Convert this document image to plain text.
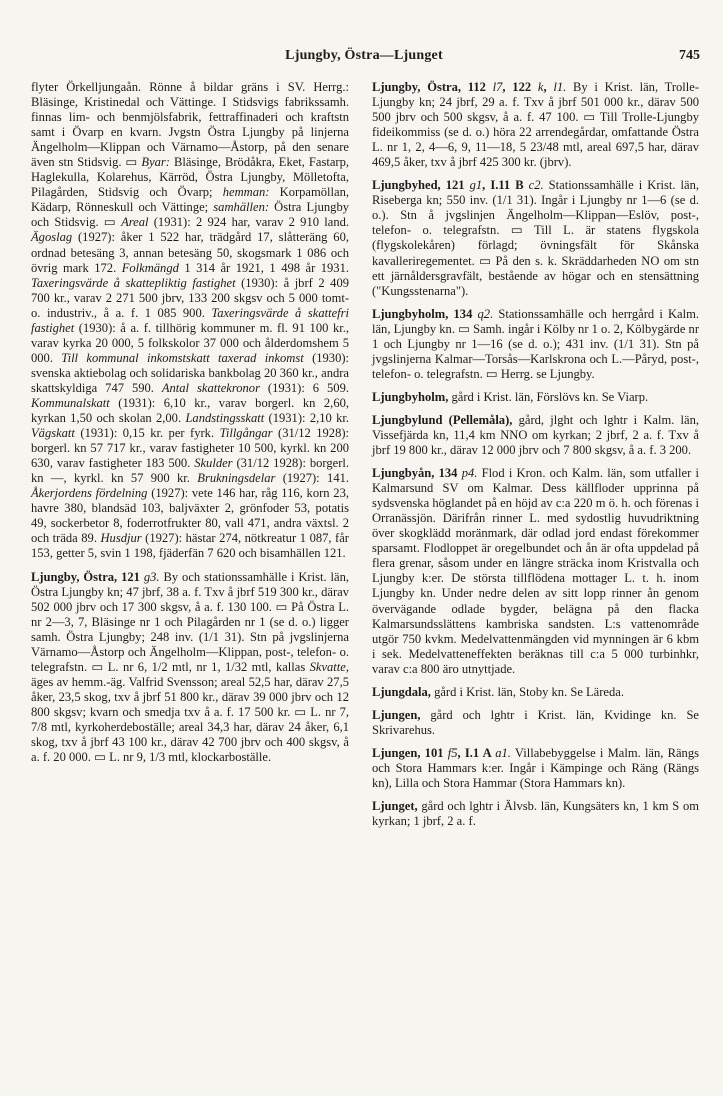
Ljungby, Östra—Ljunget	745

flyter Örkelljungaån. Rönne å bildar gräns i SV. Herrg.: Bläsinge, Kristinedal och Vättinge. I Stidsvigs fabrikssamh. finnas lim- och benmjölsfabrik, fettraffinaderi och kraftstn samt i Övarp en kvarn. Jvgstn Östra Ljungby på linjerna Ängelholm—Klippan och Värnamo—Åstorp, på den senare även stn Stidsvig. ▭ Byar: Bläsinge, Brödåkra, Eket, Fastarp, Haglekulla, Kolarehus, Kärröd, Östra Ljungby, Mölletofta, Pilagården, Stidsvig och Övarp; hemman: Korpamöllan, Kädarp, Rönneskull och Vättinge; samhällen: Östra Ljungby och Stidsvig. ▭ Areal (1931): 2 924 har, varav 2 910 land. Ägoslag (1927): åker 1 522 har, trädgård 17, slåtteräng 60, ordnad betesäng 3, annan betesäng 50, skogsmark 1 086 och övrig mark 172. Folkmängd 1 314 år 1921, 1 498 år 1931. Taxeringsvärde å skattepliktig fastighet (1930): å jbrf 2 409 700 kr., varav 2 271 500 jbrv, 133 200 skgsv och 5 000 tomt- o. industriv., å a. f. 1 085 900. Taxeringsvärde å skattefri fastighet (1930): å a. f. tillhörig kommuner m. fl. 91 100 kr., varav kyrka 20 000, 5 folkskolor 37 000 och ålderdomshem 5 000. Till kommunal inkomstskatt taxerad inkomst (1930): svenska aktiebolag och solidariska bankbolag 20 360 kr., andra skattskyldiga 747 590. Antal skattekronor (1931): 6 509. Kommunalskatt (1931): 6,10 kr., varav borgerl. kn 2,60, kyrkan 1,50 och skolan 2,00. Landstingsskatt (1931): 2,10 kr. Vägskatt (1931): 0,15 kr. per fyrk. Tillgångar (31/12 1928): borgerl. kn 57 717 kr., varav fastigheter 10 500, kyrkl. kn 200 630, varav fastigheter 183 500. Skulder (31/12 1928): borgerl. kn —, kyrkl. kn 57 900 kr. Brukningsdelar (1927): 141. Åkerjordens fördelning (1927): vete 146 har, råg 116, korn 23, havre 380, blandsäd 103, baljväxter 2, grönfoder 53, potatis 49, sockerbetor 8, foderrotfrukter 80, vall 471, andra växtsl. 2 och träda 89. Husdjur (1927): hästar 274, nötkreatur 1 087, får 153, getter 5, svin 1 198, fjäderfän 7 620 och bisamhällen 121.

Ljungby, Östra, 121 g3. By och stationssamhälle i Krist. län, Östra Ljungby kn; 47 jbrf, 38 a. f. Txv å jbrf 519 300 kr., därav 502 000 jbrv och 17 300 skgsv, å a. f. 130 100. ▭ På Östra L. nr 2—3, 7, Bläsinge nr 1 och Pilagården nr 1 (se d. o.) ligger samh. Östra Ljungby; 248 inv. (1/1 31). Stn på jvgslinjerna Värnamo—Åstorp och Ängelholm—Klippan, post-, telefon- o. telegrafstn. ▭ L. nr 6, 1/2 mtl, nr 1, 1/32 mtl, kallas Skvatte, äges av hemm.-äg. Valfrid Svensson; areal 52,5 har, därav 27,5 åker, 23,5 skog, txv å jbrf 51 800 kr., därav 39 000 jbrv och 12 800 skgsv; kvarn och smedja txv å a. f. 17 500 kr. ▭ L. nr 7, 7/8 mtl, kyrkoherdeboställe; areal 34,3 har, därav 24 åker, 6,1 skog, txv å jbrf 43 100 kr., därav 42 700 jbrv och 400 skgsv, å a. f. 20 000. ▭ L. nr 9, 1/3 mtl, klockarboställe.

Ljungby, Östra, 112 l7, 122 k, l1. By i Krist. län, Trolle-Ljungby kn; 24 jbrf, 29 a. f. Txv å jbrf 501 000 kr., därav 500 500 jbrv och 500 skgsv, å a. f. 47 100. ▭ Till Trolle-Ljungby fideikommiss (se d. o.) höra 22 arrendegårdar, omfattande Östra L. nr 1, 2, 4—6, 9, 11—18, 5 23/48 mtl, areal 697,5 har, därav 469,5 åker, txv å jbrf 425 300 kr. (jbrv).

Ljungbyhed, 121 g1, I.11 B c2. Stationssamhälle i Krist. län, Riseberga kn; 550 inv. (1/1 31). Ingår i Ljungby nr 1—6 (se d. o.). Stn å jvgslinjen Ängelholm—Klippan—Eslöv, post-, telefon- o. telegrafstn. ▭ Till L. är statens flygskola (flygskolekåren) förlagd; övningsfält för Skånska kavalleriregementet. ▭ På den s. k. Skräddarheden NO om stn ett järnåldersgravfält, bestående av högar och en stensättning ("Kungsstenarna").

Ljungbyholm, 134 q2. Stationssamhälle och herrgård i Kalm. län, Ljungby kn. ▭ Samh. ingår i Kölby nr 1 o. 2, Kölbygärde nr 1 och Ljungby nr 1—16 (se d. o.); 431 inv. (1/1 31). Stn på jvgslinjerna Kalmar—Torsås—Karlskrona och L.—Påryd, post-, telefon- o. telegrafstn. ▭ Herrg. se Ljungby.

Ljungbyholm, gård i Krist. län, Förslövs kn. Se Viarp.

Ljungbylund (Pellemåla), gård, jlght och lghtr i Kalm. län, Vissefjärda kn, 11,4 km NNO om kyrkan; 2 jbrf, 2 a. f. Txv å jbrf 19 800 kr., därav 12 000 jbrv och 7 800 skgsv, å a. f. 3 200.

Ljungbyån, 134 p4. Flod i Kron. och Kalm. län, som utfaller i Kalmarsund SV om Kalmar. Dess källfloder upprinna på sydsvenska höglandet på en höjd av c:a 220 m ö. h. och förenas i Orranässjön. Därifrån rinner L. med sydostlig huvudriktning över skogklädd moränmark, där odlad jord endast förekommer sparsamt. Flodloppet är oregelbundet och ån är ofta uppdelad på flera grenar, såsom under en längre sträcka inom Kristvalla och Ljungby k:er. De största tillflödena mottager L. t. h. inom Ljungby kn. Under nedre delen av sitt lopp rinner ån genom övervägande odlade bygder, belägna på den flacka Kalmarsundsslättens kambriska sandsten. L:s vattenområde utgör 750 kvkm. Medelvattenmängden vid mynningen är 6 kbm i sek. Medelvatteneffekten beräknas till c:a 5 000 turbinhkr, varav c:a 800 äro utnyttjade.

Ljungdala, gård i Krist. län, Stoby kn. Se Läreda.

Ljungen, gård och lghtr i Krist. län, Kvidinge kn. Se Skrivarehus.

Ljungen, 101 f5, I.1 A a1. Villabebyggelse i Malm. län, Rängs och Stora Hammars k:er. Ingår i Kämpinge och Räng (Rängs kn), Lilla och Stora Hammar (Stora Hammars kn).

Ljunget, gård och lghtr i Älvsb. län, Kungsäters kn, 1 km S om kyrkan; 1 jbrf, 2 a. f.
